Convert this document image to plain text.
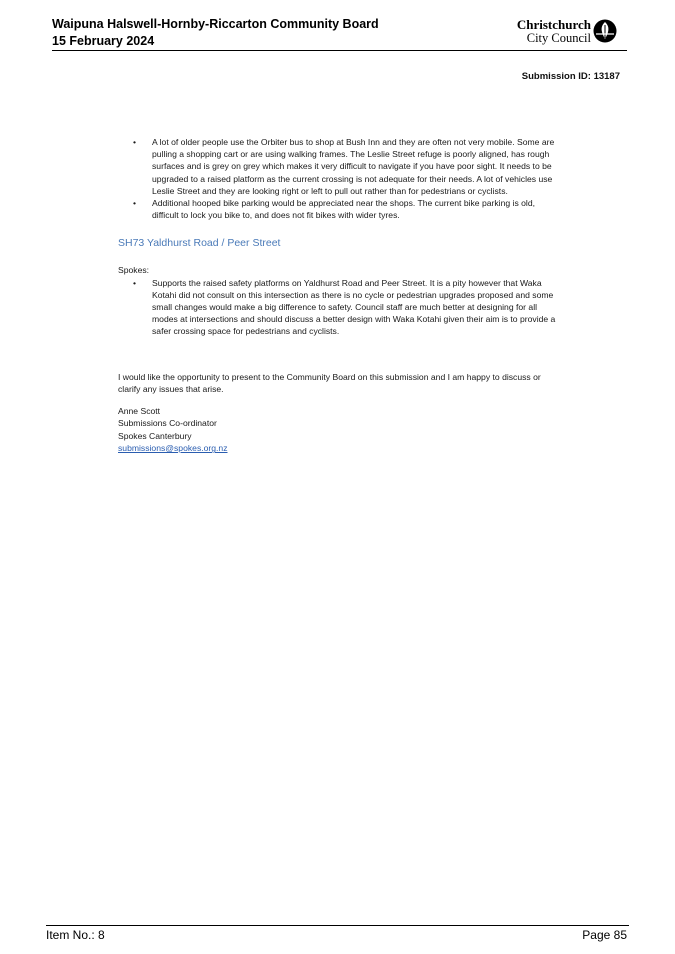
Waipuna Halswell-Hornby-Riccarton Community Board
15 February 2024
Christchurch
City Council
Submission ID: 13187
• A lot of older people use the Orbiter bus to shop at Bush Inn and they are often not very mobile. Some are pulling a shopping cart or are using walking frames. The Leslie Street refuge is poorly aligned, has rough surfaces and is grey on grey which makes it very difficult to navigate if you have poor sight. It needs to be upgraded to a raised platform as the current crossing is not adequate for their needs. A lot of vehicles use Leslie Street and they are looking right or left to pull out rather than for pedestrians or cyclists.
• Additional hooped bike parking would be appreciated near the shops. The current bike parking is old, difficult to lock you bike to, and does not fit bikes with wider tyres.
SH73 Yaldhurst Road / Peer Street
Spokes:
• Supports the raised safety platforms on Yaldhurst Road and Peer Street. It is a pity however that Waka Kotahi did not consult on this intersection as there is no cycle or pedestrian upgrades proposed and some small changes would make a big difference to safety. Council staff are much better at designing for all modes at intersections and should discuss a better design with Waka Kotahi given their aim is to provide a safer crossing space for pedestrians and cyclists.
I would like the opportunity to present to the Community Board on this submission and I am happy to discuss or clarify any issues that arise.
Anne Scott
Submissions Co-ordinator
Spokes Canterbury
submissions@spokes.org.nz
Item No.: 8	Page 85
